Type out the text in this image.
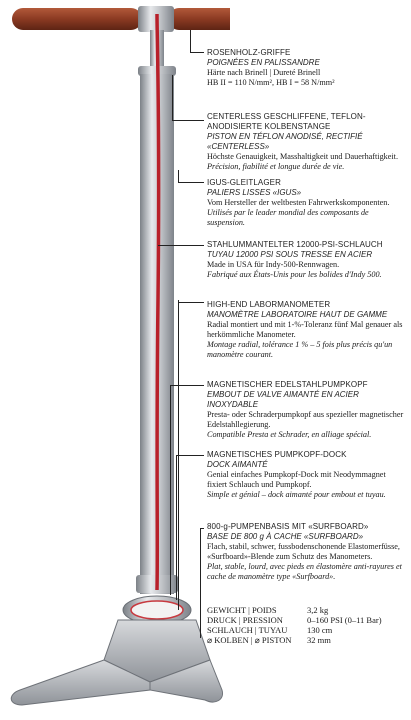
ROSENHOLZ-GRIFFE
POIGNÉES EN PALISSANDRE
Härte nach Brinell | Dureté Brinell
HB II = 110 N/mm², HB I = 58 N/mm²
CENTERLESS GESCHLIFFENE, TEFLON-ANODISIERTE KOLBENSTANGE
PISTON EN TÉFLON ANODISÉ, RECTIFIÉ «CENTERLESS»
Höchste Genauigkeit, Masshaltigkeit und Dauerhaftigkeit.
Précision, fiabilité et longue durée de vie.
IGUS-GLEITLAGER
PALIERS LISSES «IGUS»
Vom Hersteller der weltbesten Fahrwerkskomponenten.
Utilisés par le leader mondial des composants de suspension.
STAHLUMMANTELTER 12000-PSI-SCHLAUCH
TUYAU 12000 PSI SOUS TRESSE EN ACIER
Made in USA für Indy-500-Rennwagen.
Fabriqué aux États-Unis pour les bolides d'Indy 500.
HIGH-END LABORMANOMETER
MANOMÈTRE LABORATOIRE HAUT DE GAMME
Radial montiert und mit 1-%-Toleranz fünf Mal genauer als herkömmliche Manometer.
Montage radial, tolérance 1 % – 5 fois plus précis qu'un manomètre courant.
MAGNETISCHER EDELSTAHLPUMPKOPF
EMBOUT DE VALVE AIMANTÉ EN ACIER INOXYDABLE
Presta- oder Schraderpumpkopf aus spezieller magnetischer Edelstahllegierung.
Compatible Presta et Schrader, en alliage spécial.
MAGNETISCHES PUMPKOPF-DOCK
DOCK AIMANTÉ
Genial einfaches Pumpkopf-Dock mit Neodymmagnet fixiert Schlauch und Pumpkopf.
Simple et génial – dock aimanté pour embout et tuyau.
800-g-PUMPENBASIS MIT «SURFBOARD»
BASE DE 800 g À CACHE «SURFBOARD»
Flach, stabil, schwer, fussbodenschonende Elastomerfüsse, «Surfboard»-Blende zum Schutz des Manometers.
Plat, stable, lourd, avec pieds en élastomère anti-rayures et cache de manomètre type «Surfboard».
GEWICHT | POIDS	3,2 kg
DRUCK | PRESSION	0–160 PSI (0–11 Bar)
SCHLAUCH | TUYAU	130 cm
⌀ KOLBEN | ⌀ PISTON	32 mm
